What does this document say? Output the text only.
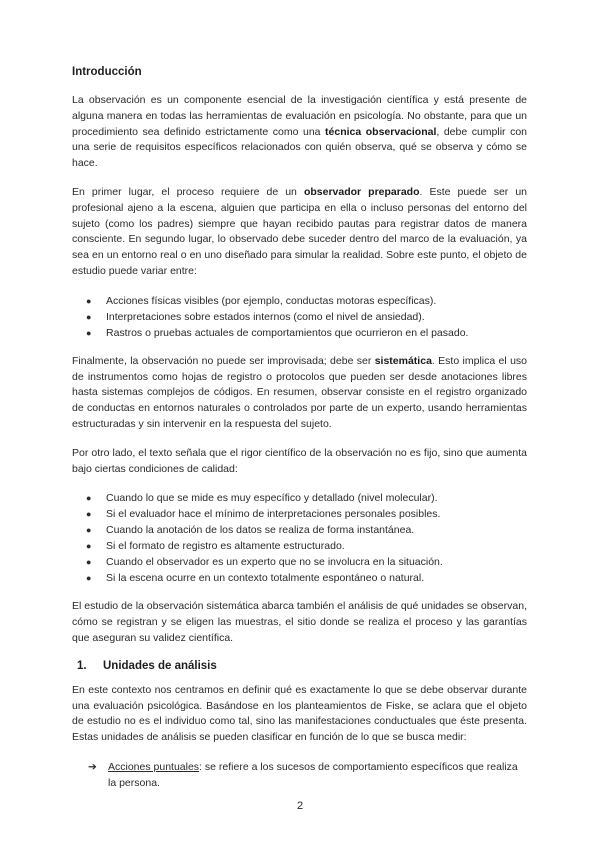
Introducción

La observación es un componente esencial de la investigación científica y está presente de alguna manera en todas las herramientas de evaluación en psicología. No obstante, para que un procedimiento sea definido estrictamente como una técnica observacional, debe cumplir con una serie de requisitos específicos relacionados con quién observa, qué se observa y cómo se hace.

En primer lugar, el proceso requiere de un observador preparado. Este puede ser un profesional ajeno a la escena, alguien que participa en ella o incluso personas del entorno del sujeto (como los padres) siempre que hayan recibido pautas para registrar datos de manera consciente. En segundo lugar, lo observado debe suceder dentro del marco de la evaluación, ya sea en un entorno real o en uno diseñado para simular la realidad. Sobre este punto, el objeto de estudio puede variar entre:

● Acciones físicas visibles (por ejemplo, conductas motoras específicas).
● Interpretaciones sobre estados internos (como el nivel de ansiedad).
● Rastros o pruebas actuales de comportamientos que ocurrieron en el pasado.

Finalmente, la observación no puede ser improvisada; debe ser sistemática. Esto implica el uso de instrumentos como hojas de registro o protocolos que pueden ser desde anotaciones libres hasta sistemas complejos de códigos. En resumen, observar consiste en el registro organizado de conductas en entornos naturales o controlados por parte de un experto, usando herramientas estructuradas y sin intervenir en la respuesta del sujeto.

Por otro lado, el texto señala que el rigor científico de la observación no es fijo, sino que aumenta bajo ciertas condiciones de calidad:

● Cuando lo que se mide es muy específico y detallado (nivel molecular).
● Si el evaluador hace el mínimo de interpretaciones personales posibles.
● Cuando la anotación de los datos se realiza de forma instantánea.
● Si el formato de registro es altamente estructurado.
● Cuando el observador es un experto que no se involucra en la situación.
● Si la escena ocurre en un contexto totalmente espontáneo o natural.

El estudio de la observación sistemática abarca también el análisis de qué unidades se observan, cómo se registran y se eligen las muestras, el sitio donde se realiza el proceso y las garantías que aseguran su validez científica.

1.	Unidades de análisis

En este contexto nos centramos en definir qué es exactamente lo que se debe observar durante una evaluación psicológica. Basándose en los planteamientos de Fiske, se aclara que el objeto de estudio no es el individuo como tal, sino las manifestaciones conductuales que éste presenta. Estas unidades de análisis se pueden clasificar en función de lo que se busca medir:

➔ Acciones puntuales: se refiere a los sucesos de comportamiento específicos que realiza la persona.
2
